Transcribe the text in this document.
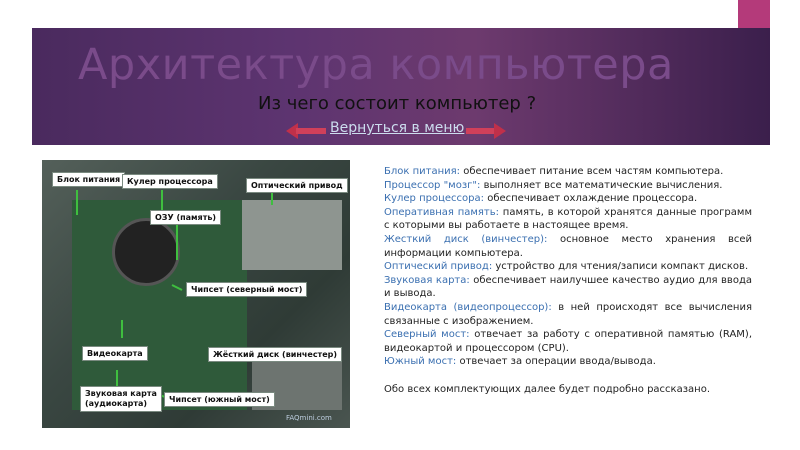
Архитектура компьютера
Из чего состоит компьютер ?
Вернуться в меню
Блок питания Кулер процессора	Оптический привод
ОЗУ (память)
Чипсет (северный мост)
Видеокарта	Жёсткий диск (винчестер)
Звуковая карта
(аудиокарта)	Чипсет (южный мост)
FAQmini.com

Блок питания: обеспечивает питание всем частям компьютера.

Процессор "мозг": выполняет все математические вычисления.

Кулер процессора: обеспечивает охлаждение процессора.

Оперативная память: память, в которой хранятся данные программ с которыми вы работаете в настоящее время.

Жесткий диск (винчестер): основное место хранения всей информации компьютера.

Оптический привод: устройство для чтения/записи компакт дисков.

Звуковая карта: обеспечивает наилучшее качество аудио для ввода и вывода.

Видеокарта (видеопроцессор): в ней происходят все вычисления связанные с изображением.

Северный мост: отвечает за работу с оперативной памятью (RAM), видеокартой и процессором (CPU).

Южный мост: отвечает за операции ввода/вывода.

Обо всех комплектующих далее будет подробно рассказано.
